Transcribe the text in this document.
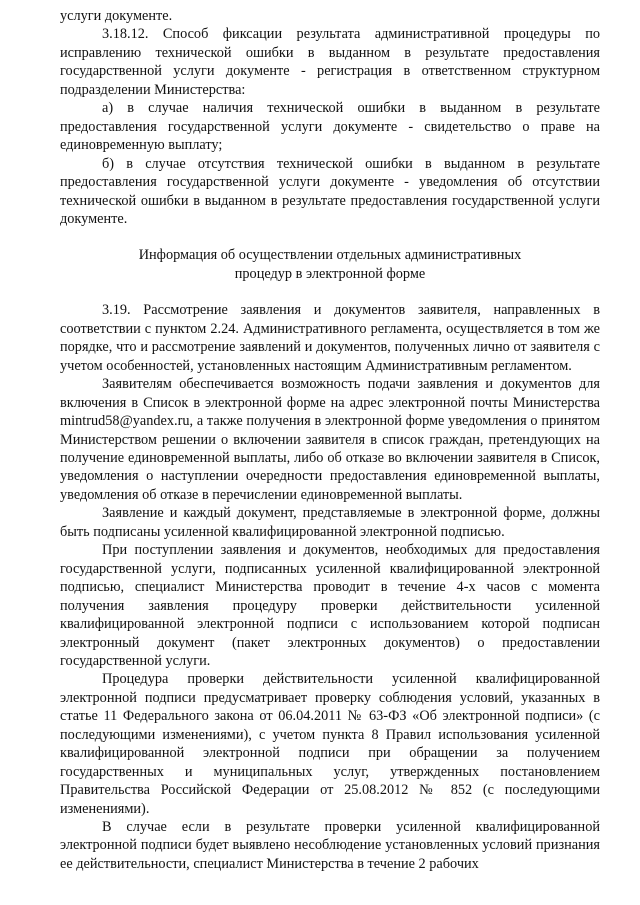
услуги документе.

3.18.12. Способ фиксации результата административной процедуры по исправлению технической ошибки в выданном в результате предоставления государственной услуги документе - регистрация в ответственном структурном подразделении Министерства:

а) в случае наличия технической ошибки в выданном в результате предоставления государственной услуги документе - свидетельство о праве на единовременную выплату;

б) в случае отсутствия технической ошибки в выданном в результате предоставления государственной услуги документе - уведомления об отсутствии технической ошибки в выданном в результате предоставления государственной услуги документе.

Информация об осуществлении отдельных административных
процедур в электронной форме

3.19. Рассмотрение заявления и документов заявителя, направленных в соответствии с пунктом 2.24. Административного регламента, осуществляется в том же порядке, что и рассмотрение заявлений и документов, полученных лично от заявителя с учетом особенностей, установленных настоящим Административным регламентом.

Заявителям обеспечивается возможность подачи заявления и документов для включения в Список в электронной форме на адрес электронной почты Министерства mintrud58@yandex.ru, а также получения в электронной форме уведомления о принятом Министерством решении о включении заявителя в список граждан, претендующих на получение единовременной выплаты, либо об отказе во включении заявителя в Список, уведомления о наступлении очередности предоставления единовременной выплаты, уведомления об отказе в перечислении единовременной выплаты.

Заявление и каждый документ, представляемые в электронной форме, должны быть подписаны усиленной квалифицированной электронной подписью.

При поступлении заявления и документов, необходимых для предоставления государственной услуги, подписанных усиленной квалифицированной электронной подписью, специалист Министерства проводит в течение 4-х часов с момента получения заявления процедуру проверки действительности усиленной квалифицированной электронной подписи с использованием которой подписан электронный документ (пакет электронных документов) о предоставлении государственной услуги.

Процедура проверки действительности усиленной квалифицированной электронной подписи предусматривает проверку соблюдения условий, указанных в статье 11 Федерального закона от 06.04.2011 № 63-ФЗ «Об электронной подписи» (с последующими изменениями), с учетом пункта 8 Правил использования усиленной квалифицированной электронной подписи при обращении за получением государственных и муниципальных услуг, утвержденных постановлением Правительства Российской Федерации от 25.08.2012 № 852 (с последующими изменениями).

В случае если в результате проверки усиленной квалифицированной электронной подписи будет выявлено несоблюдение установленных условий признания ее действительности, специалист Министерства в течение 2 рабочих
